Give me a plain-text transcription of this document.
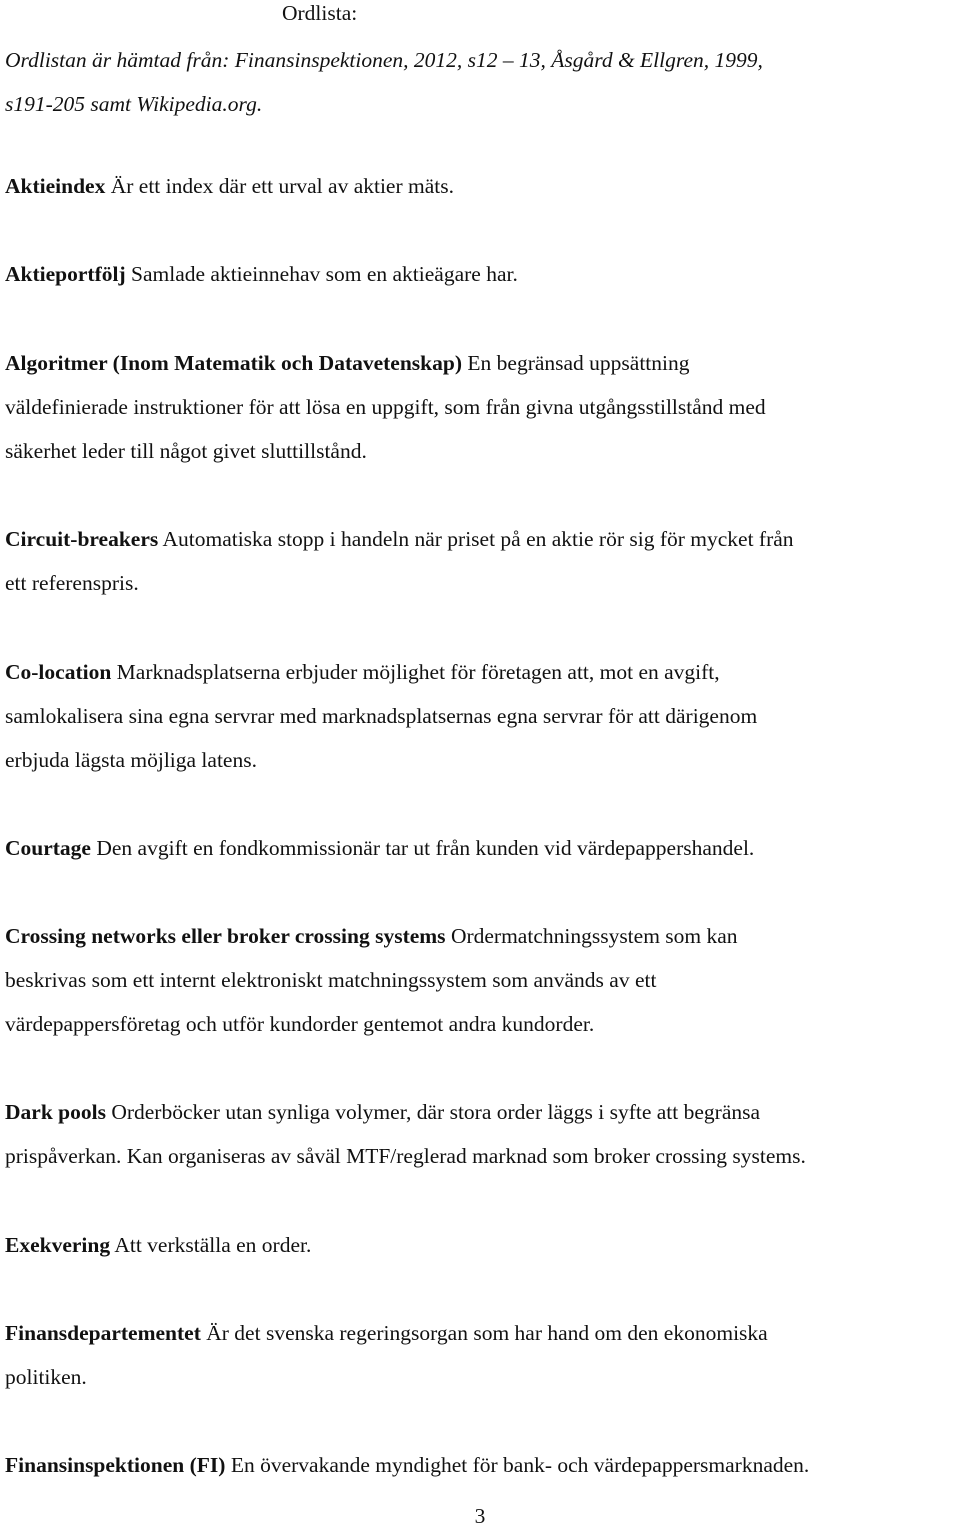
Ordlista:
Ordlistan är hämtad från: Finansinspektionen, 2012, s12 – 13, Åsgård & Ellgren, 1999,
s191-205 samt Wikipedia.org.
Aktieindex Är ett index där ett urval av aktier mäts.
Aktieportfölj Samlade aktieinnehav som en aktieägare har.
Algoritmer (Inom Matematik och Datavetenskap) En begränsad uppsättning
väldefinierade instruktioner för att lösa en uppgift, som från givna utgångsstillstånd med
säkerhet leder till något givet sluttillstånd.
Circuit-breakers Automatiska stopp i handeln när priset på en aktie rör sig för mycket från
ett referenspris.
Co-location Marknadsplatserna erbjuder möjlighet för företagen att, mot en avgift,
samlokalisera sina egna servrar med marknadsplatsernas egna servrar för att därigenom
erbjuda lägsta möjliga latens.
Courtage Den avgift en fondkommissionär tar ut från kunden vid värdepappershandel.
Crossing networks eller broker crossing systems Ordermatchningssystem som kan
beskrivas som ett internt elektroniskt matchningssystem som används av ett
värdepappersföretag och utför kundorder gentemot andra kundorder.
Dark pools Orderböcker utan synliga volymer, där stora order läggs i syfte att begränsa
prispåverkan. Kan organiseras av såväl MTF/reglerad marknad som broker crossing systems.
Exekvering Att verkställa en order.
Finansdepartementet Är det svenska regeringsorgan som har hand om den ekonomiska
politiken.
Finansinspektionen (FI) En övervakande myndighet för bank- och värdepappersmarknaden.
3
